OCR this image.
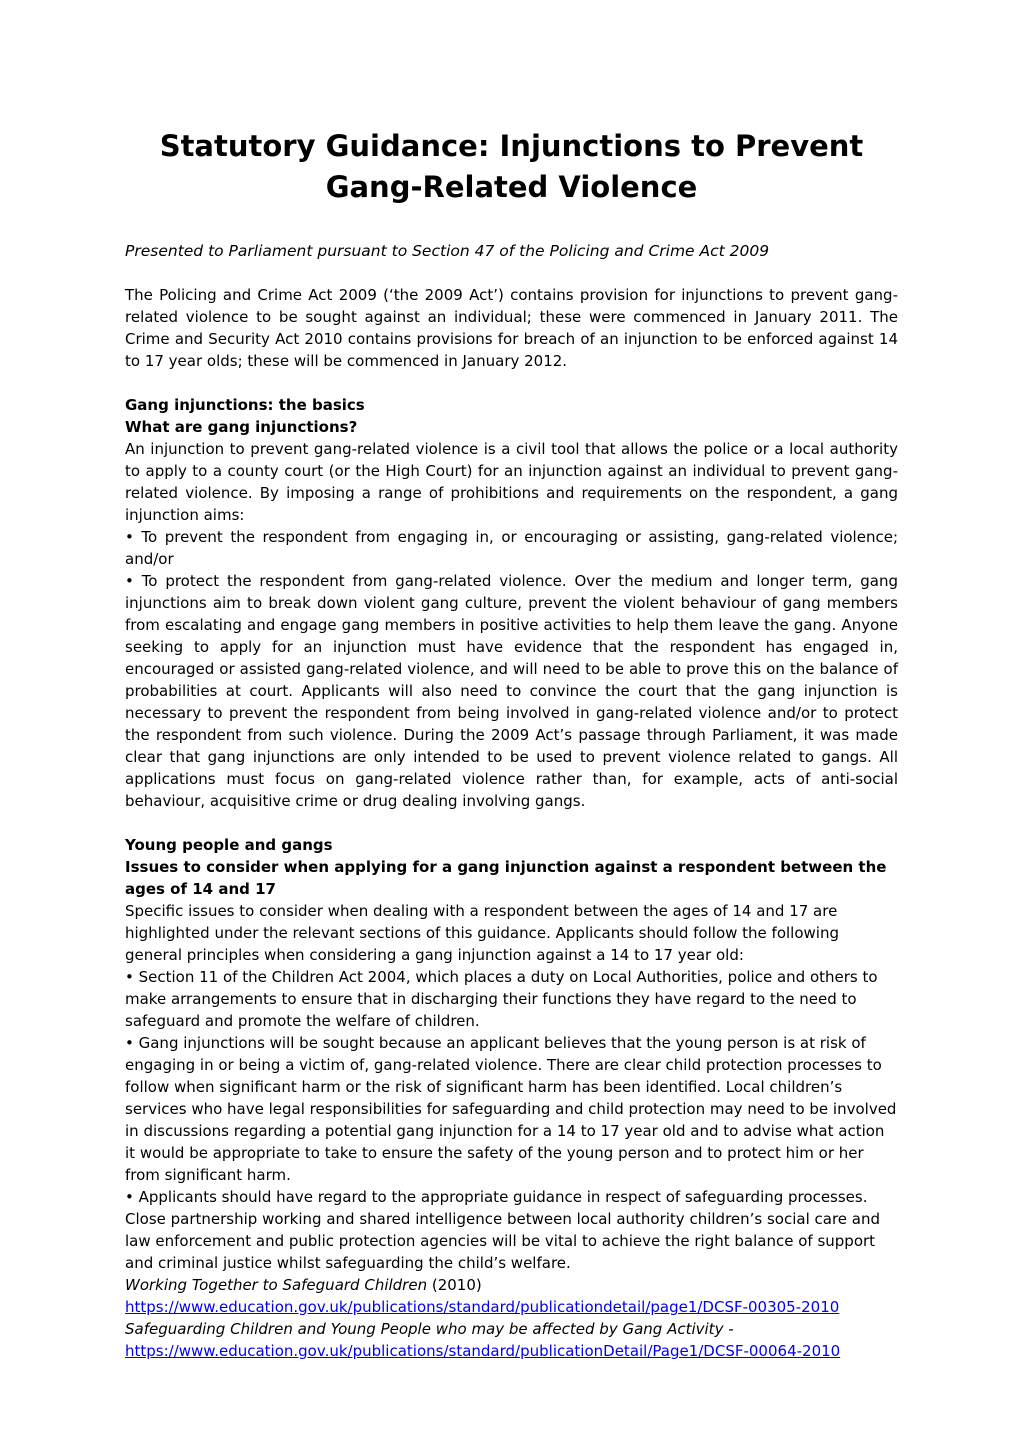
Statutory Guidance: Injunctions to Prevent Gang-Related Violence

Presented to Parliament pursuant to Section 47 of the Policing and Crime Act 2009

The Policing and Crime Act 2009 (‘the 2009 Act’) contains provision for injunctions to prevent gang-related violence to be sought against an individual; these were commenced in January 2011. The Crime and Security Act 2010 contains provisions for breach of an injunction to be enforced against 14 to 17 year olds; these will be commenced in January 2012.

Gang injunctions: the basics

What are gang injunctions?

An injunction to prevent gang-related violence is a civil tool that allows the police or a local authority to apply to a county court (or the High Court) for an injunction against an individual to prevent gang-related violence. By imposing a range of prohibitions and requirements on the respondent, a gang injunction aims:

• To prevent the respondent from engaging in, or encouraging or assisting, gang-related violence; and/or

• To protect the respondent from gang-related violence. Over the medium and longer term, gang injunctions aim to break down violent gang culture, prevent the violent behaviour of gang members from escalating and engage gang members in positive activities to help them leave the gang. Anyone seeking to apply for an injunction must have evidence that the respondent has engaged in, encouraged or assisted gang-related violence, and will need to be able to prove this on the balance of probabilities at court. Applicants will also need to convince the court that the gang injunction is necessary to prevent the respondent from being involved in gang-related violence and/or to protect the respondent from such violence. During the 2009 Act’s passage through Parliament, it was made clear that gang injunctions are only intended to be used to prevent violence related to gangs. All applications must focus on gang-related violence rather than, for example, acts of anti-social behaviour, acquisitive crime or drug dealing involving gangs.

Young people and gangs

Issues to consider when applying for a gang injunction against a respondent between the ages of 14 and 17

Specific issues to consider when dealing with a respondent between the ages of 14 and 17 are highlighted under the relevant sections of this guidance. Applicants should follow the following general principles when considering a gang injunction against a 14 to 17 year old:

• Section 11 of the Children Act 2004, which places a duty on Local Authorities, police and others to make arrangements to ensure that in discharging their functions they have regard to the need to safeguard and promote the welfare of children.

• Gang injunctions will be sought because an applicant believes that the young person is at risk of engaging in or being a victim of, gang-related violence. There are clear child protection processes to follow when significant harm or the risk of significant harm has been identified. Local children’s services who have legal responsibilities for safeguarding and child protection may need to be involved in discussions regarding a potential gang injunction for a 14 to 17 year old and to advise what action it would be appropriate to take to ensure the safety of the young person and to protect him or her from significant harm.

• Applicants should have regard to the appropriate guidance in respect of safeguarding processes. Close partnership working and shared intelligence between local authority children’s social care and law enforcement and public protection agencies will be vital to achieve the right balance of support and criminal justice whilst safeguarding the child’s welfare.

Working Together to Safeguard Children (2010)

https://www.education.gov.uk/publications/standard/publicationdetail/page1/DCSF-00305-2010

Safeguarding Children and Young People who may be affected by Gang Activity -

https://www.education.gov.uk/publications/standard/publicationDetail/Page1/DCSF-00064-2010
